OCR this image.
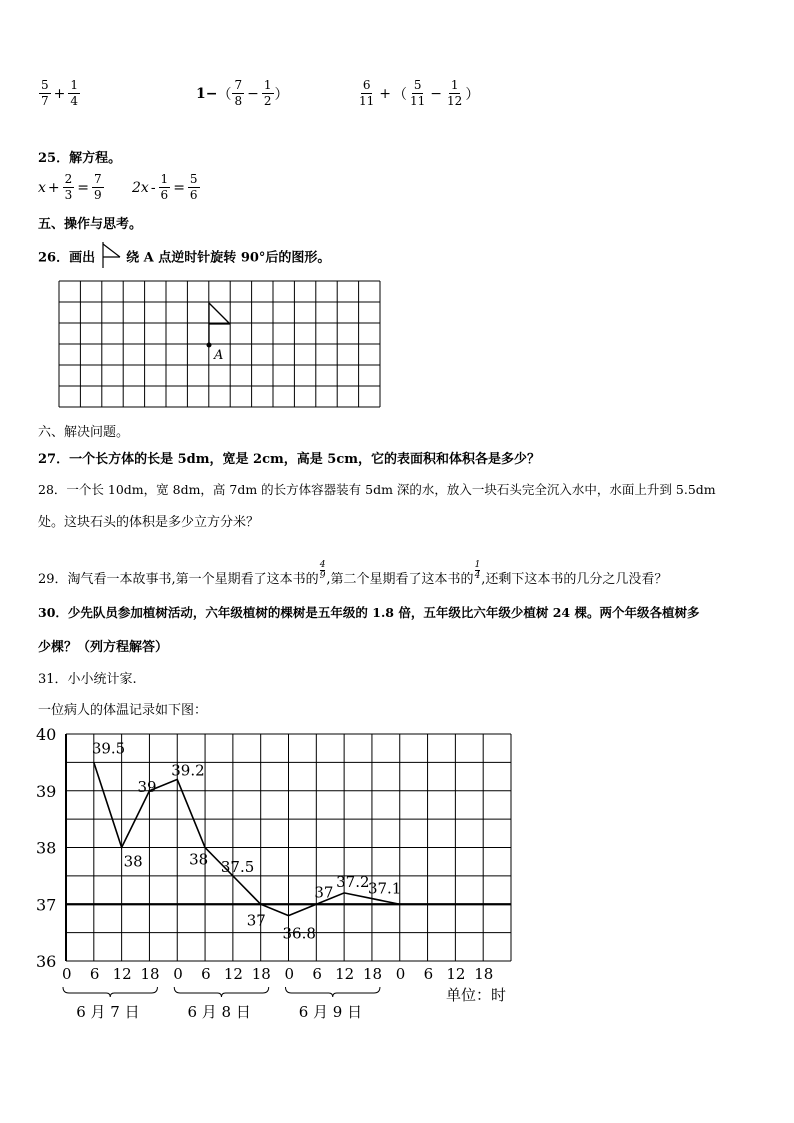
$\frac{5}{7} + \frac{1}{4}$	1− （ $\frac{7}{8} - \frac{1}{2}$ ）	$\frac{6}{11}$ + （ $\frac{5}{11} - \frac{1}{12}$ ）
25．解方程。
$x + \frac{2}{3} = \frac{7}{9} 2x - \frac{1}{6} = \frac{5}{6}$
五、操作与思考。
26．画出 绕 A 点逆时针旋转 90°后的图形。
A
六、解决问题。
27．一个长方体的长是 5dm，宽是 2cm，高是 5cm，它的表面积和体积各是多少？
28．一个长 10dm，宽 8dm，高 7dm 的长方体容器装有 5dm 深的水，放入一块石头完全沉入水中，水面上升到 5.5dm
处。这块石头的体积是多少立方分米？
29．淘气看一本故事书,第一个星期看了这本书的 $\frac{4}{9}$ ,第二个星期看了这本书的 $\frac{1}{4}$ ,还剩下这本书的几分之几没看？
30．少先队员参加植树活动，六年级植树的棵树是五年级的 1.8 倍，五年级比六年级少植树 24 棵。两个年级各植树多
少棵？（列方程解答）
31．小小统计家.
一位病人的体温记录如下图：
39.5
38
39
39.2
38 37.5
37
36.8
37
37.2
37.1
36
37
38
39
40
0 6 12 18 0 6 12 18 0 6 12 18 0 6 12 18
6 月 7 日	6 月 8 日	6 月 9 日
单位：时
